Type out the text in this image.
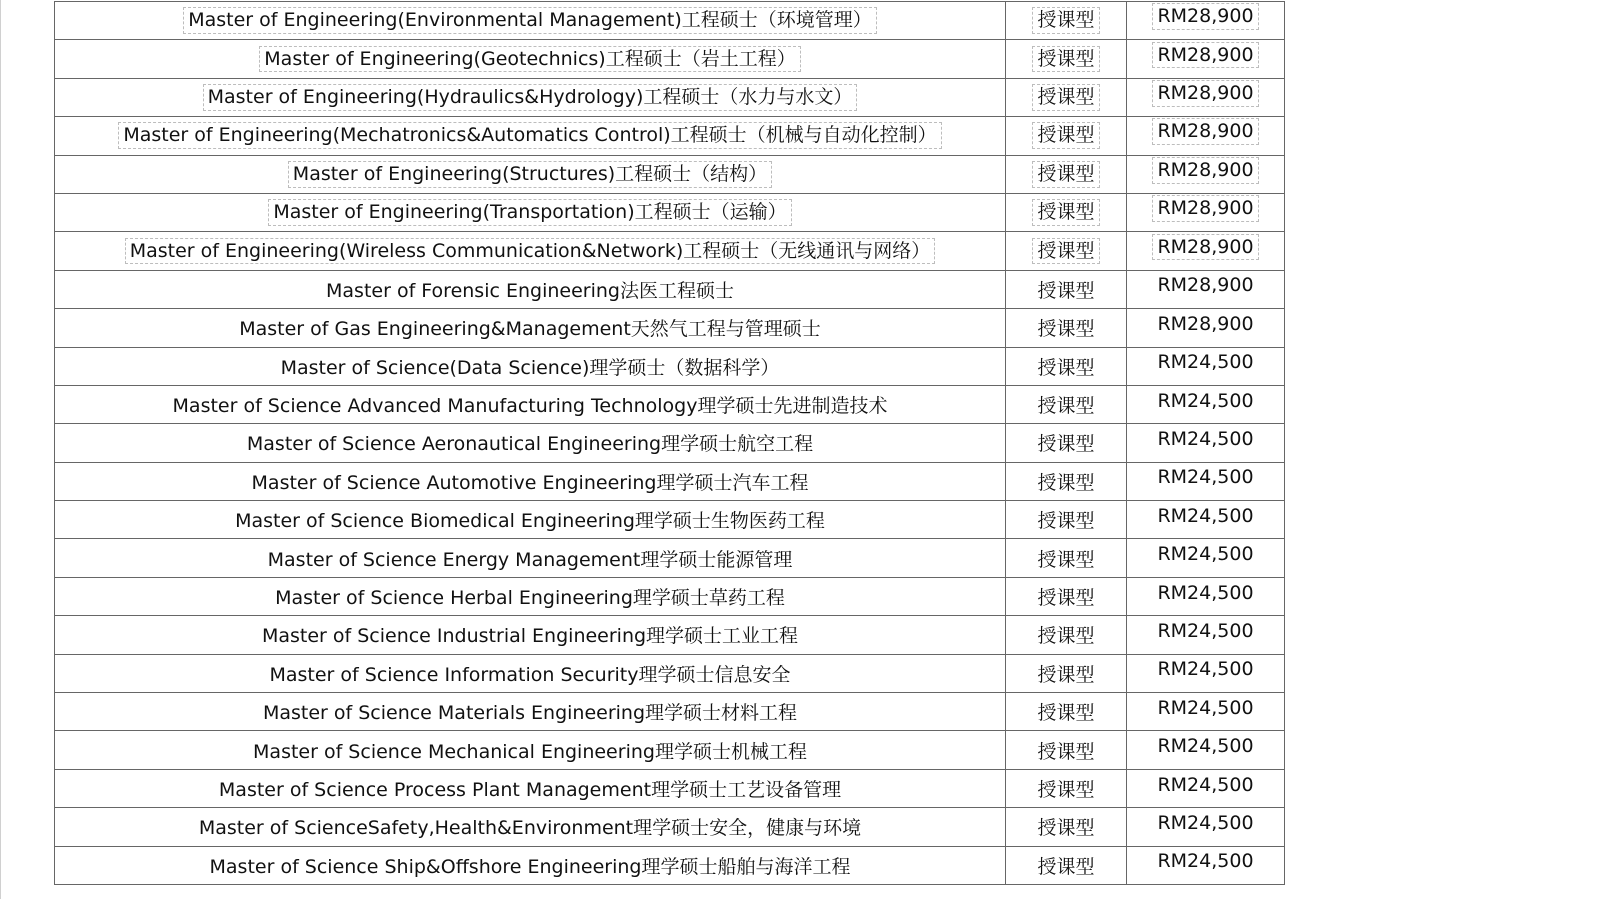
Master of Engineering(Environmental Management)工程硕士（环境管理）	授课型	RM28,900
Master of Engineering(Geotechnics)工程硕士（岩土工程）	授课型	RM28,900
Master of Engineering(Hydraulics&Hydrology)工程硕士（水力与水文）	授课型	RM28,900
Master of Engineering(Mechatronics&Automatics Control)工程硕士（机械与自动化控制）	授课型	RM28,900
Master of Engineering(Structures)工程硕士（结构）	授课型	RM28,900
Master of Engineering(Transportation)工程硕士（运输）	授课型	RM28,900
Master of Engineering(Wireless Communication&Network)工程硕士（无线通讯与网络）	授课型	RM28,900
Master of Forensic Engineering法医工程硕士	授课型	RM28,900
Master of Gas Engineering&Management天然气工程与管理硕士	授课型	RM28,900
Master of Science(Data Science)理学硕士（数据科学）	授课型	RM24,500
Master of Science Advanced Manufacturing Technology理学硕士先进制造技术	授课型	RM24,500
Master of Science Aeronautical Engineering理学硕士航空工程	授课型	RM24,500
Master of Science Automotive Engineering理学硕士汽车工程	授课型	RM24,500
Master of Science Biomedical Engineering理学硕士生物医药工程	授课型	RM24,500
Master of Science Energy Management理学硕士能源管理	授课型	RM24,500
Master of Science Herbal Engineering理学硕士草药工程	授课型	RM24,500
Master of Science Industrial Engineering理学硕士工业工程	授课型	RM24,500
Master of Science Information Security理学硕士信息安全	授课型	RM24,500
Master of Science Materials Engineering理学硕士材料工程	授课型	RM24,500
Master of Science Mechanical Engineering理学硕士机械工程	授课型	RM24,500
Master of Science Process Plant Management理学硕士工艺设备管理	授课型	RM24,500
Master of ScienceSafety,Health&Environment理学硕士安全，健康与环境	授课型	RM24,500
Master of Science Ship&Offshore Engineering理学硕士船舶与海洋工程	授课型	RM24,500
